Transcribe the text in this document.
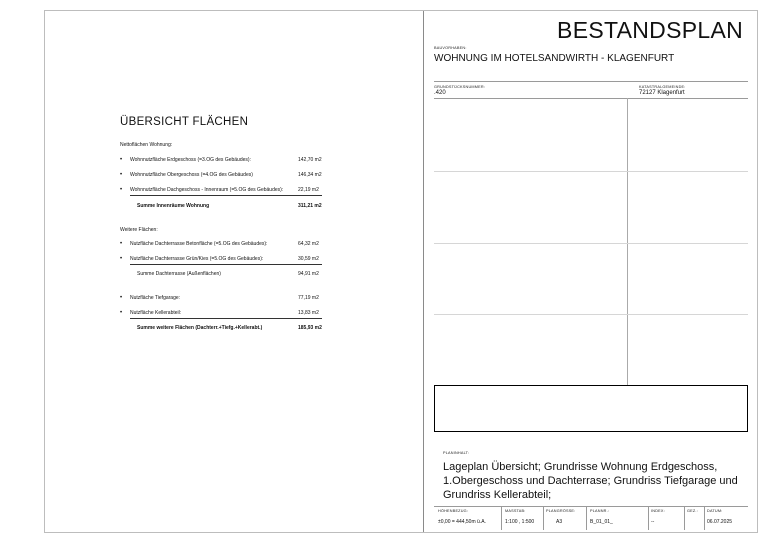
ÜBERSICHT FLÄCHEN
Nettoflächen Wohnung:
• Wohnnutzfläche Erdgeschoss (=3.OG des Gebäudes):	142,70 m2
• Wohnnutzfläche Obergeschoss (=4.OG des Gebäudes)	146,34 m2
• Wohnnutzfläche Dachgeschoss - Innenraum (=5.OG des Gebäudes):	22,19 m2
Summe Innenräume Wohnung	311,21 m2
Weitere Flächen:
• Nutzfläche Dachterrasse Betonfläche (=5.OG des Gebäudes):	64,32 m2
• Nutzfläche Dachterrasse Grün/Kies (=5.OG des Gebäudes):	30,59 m2
Summe Dachterrasse (Außenflächen)	94,91 m2
• Nutzfläche Tiefgarage:	77,19 m2
• Nutzfläche Kellerabteil:	13,83 m2
Summe weitere Flächen (Dachterr.+Tiefg.+Kellerabt.)	185,93 m2
BESTANDSPLAN
BAUVORHABEN:
WOHNUNG IM HOTELSANDWIRTH - KLAGENFURT
GRUNDSTÜCKSNUMMER:
.420
KATASTRALGEMEINDE:
72127 Klagenfurt
PLANINHALT:
Lageplan Übersicht; Grundrisse Wohnung Erdgeschoss, 1.Obergeschoss und Dachterrase; Grundriss Tiefgarage und Grundriss Kellerabteil;
HÖHENBEZUG:
±0,00 = 444,50m ü.A.
MASSTAB:
1:100 , 1:500
PLANGRÖSSE:
A3
PLANNR.:
B_01_01_
INDEX:
--
GEZ.: DATUM:
06.07.2025
